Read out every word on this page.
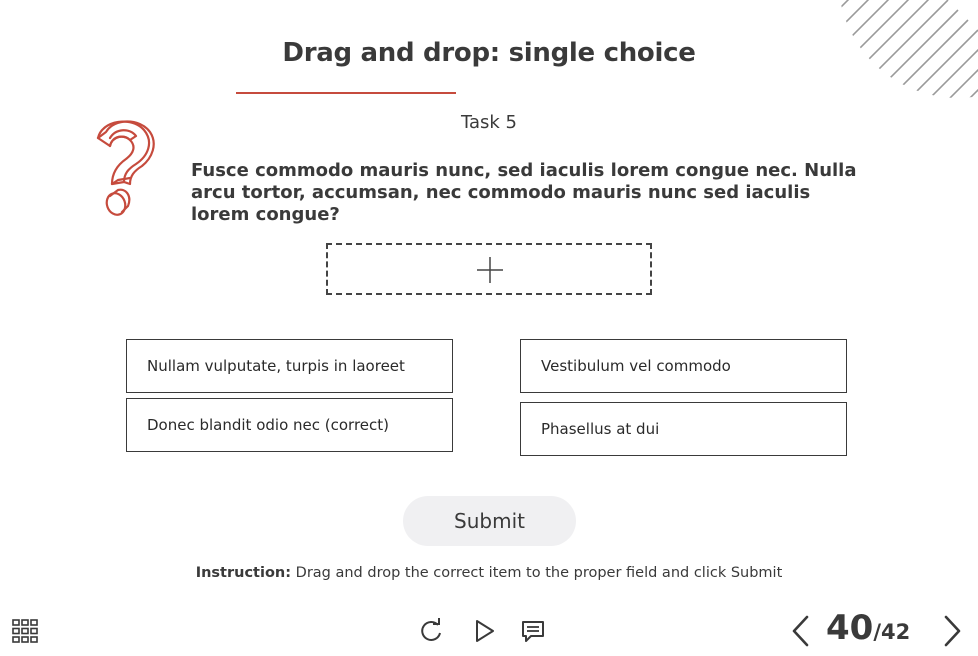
Drag and drop: single choice
Task 5
Fusce commodo mauris nunc, sed iaculis lorem congue nec. Nulla arcu tortor, accumsan, nec commodo mauris nunc sed iaculis lorem congue?
Nullam vulputate, turpis in laoreet
Donec blandit odio nec (correct)
Vestibulum vel commodo
Phasellus at dui
Submit
Instruction: Drag and drop the correct item to the proper field and click Submit
40/42
